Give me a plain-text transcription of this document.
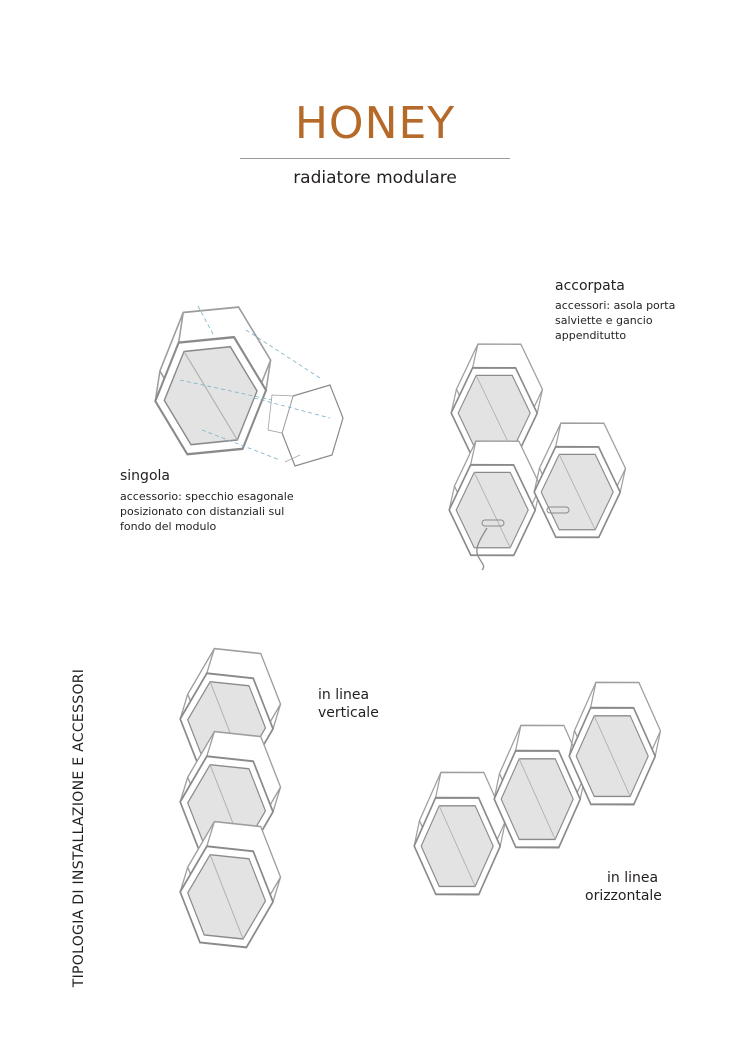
HONEY
radiatore modulare
singola
accessorio: specchio esagonale
posizionato con distanziali sul
fondo del modulo
accorpata
accessori: asola porta
salviette e gancio
appenditutto
in linea
verticale
in linea
orizzontale
TIPOLOGIA DI INSTALLAZIONE E ACCESSORI
